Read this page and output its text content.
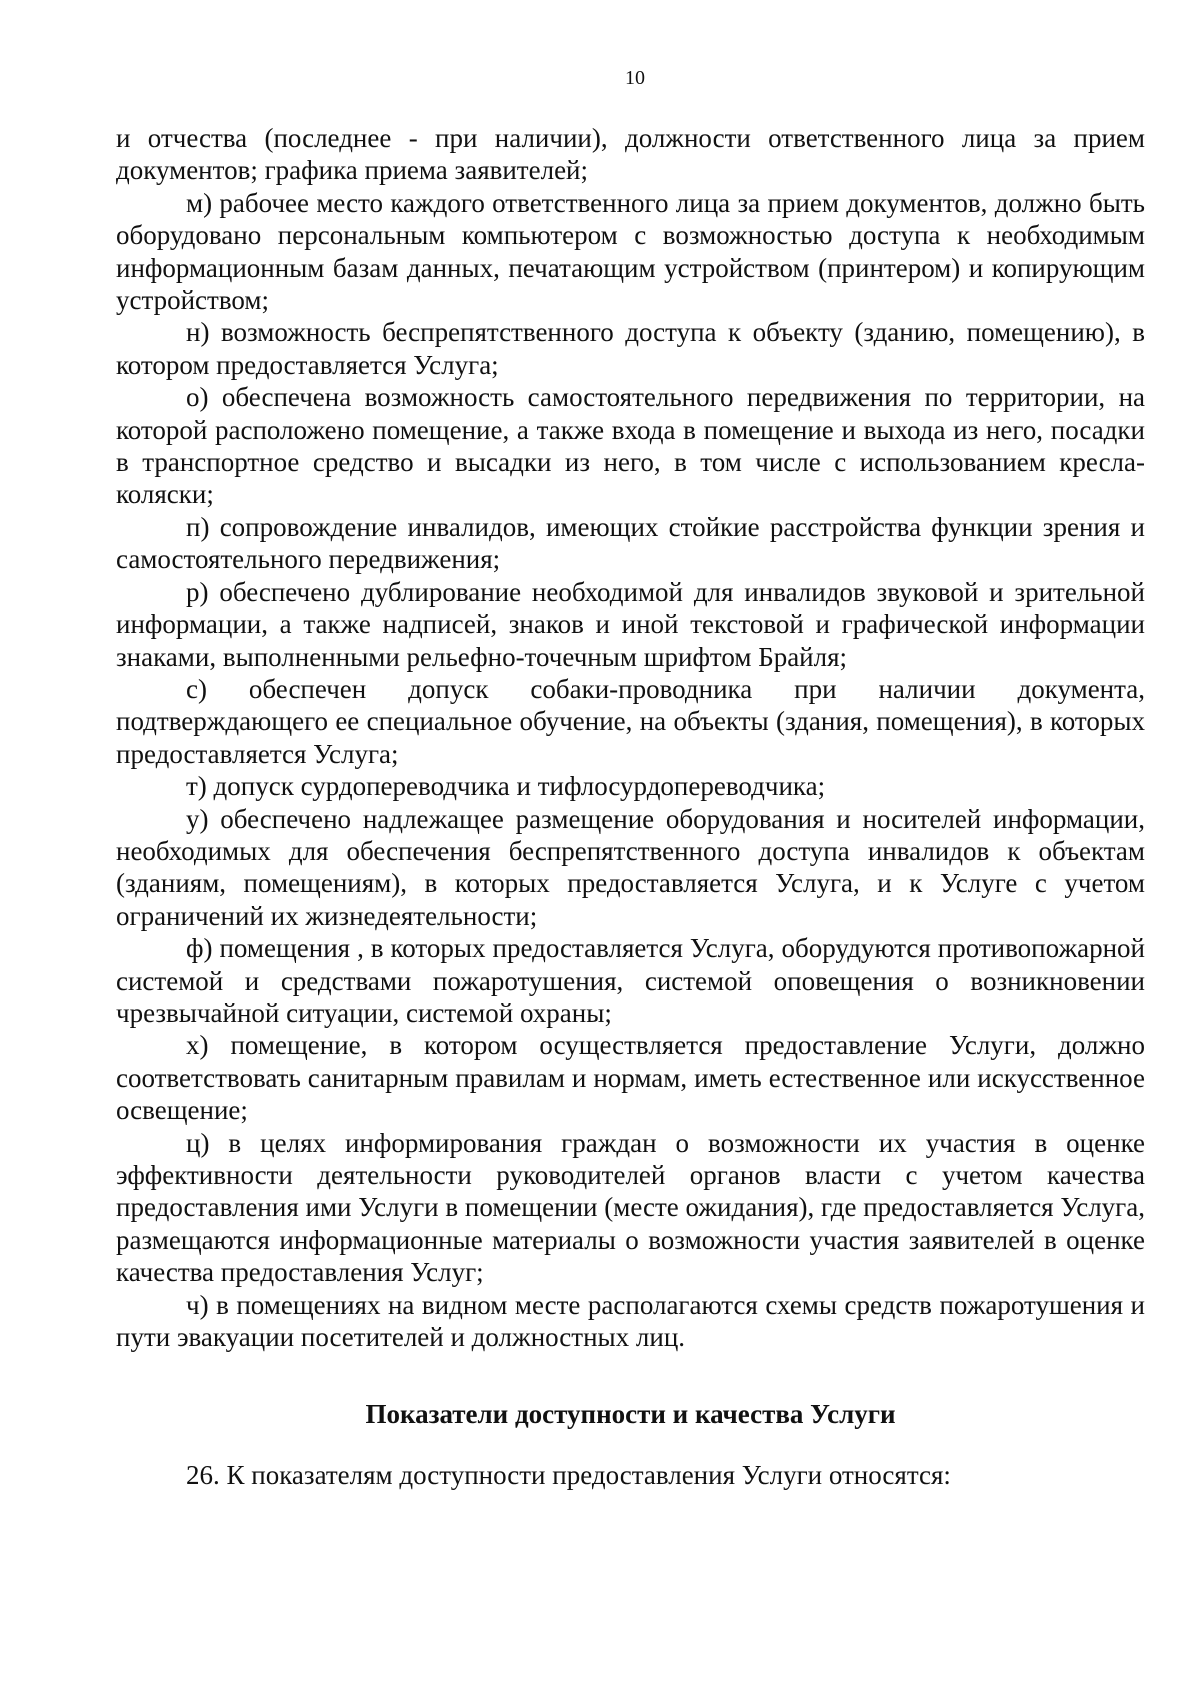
10

и отчества (последнее - при наличии), должности ответственного лица за прием документов; графика приема заявителей;

м) рабочее место каждого ответственного лица за прием документов, должно быть оборудовано персональным компьютером с возможностью доступа к необходимым информационным базам данных, печатающим устройством (принтером) и копирующим устройством;

н) возможность беспрепятственного доступа к объекту (зданию, помещению), в котором предоставляется Услуга;

о) обеспечена возможность самостоятельного передвижения по территории, на которой расположено помещение, а также входа в помещение и выхода из него, посадки в транспортное средство и высадки из него, в том числе с использованием кресла-коляски;

п) сопровождение инвалидов, имеющих стойкие расстройства функции зрения и самостоятельного передвижения;

р) обеспечено дублирование необходимой для инвалидов звуковой и зрительной информации, а также надписей, знаков и иной текстовой и графической информации знаками, выполненными рельефно-точечным шрифтом Брайля;

с) обеспечен допуск собаки-проводника при наличии документа, подтверждающего ее специальное обучение, на объекты (здания, помещения), в которых предоставляется Услуга;

т) допуск сурдопереводчика и тифлосурдопереводчика;

у) обеспечено надлежащее размещение оборудования и носителей информации, необходимых для обеспечения беспрепятственного доступа инвалидов к объектам (зданиям, помещениям), в которых предоставляется Услуга, и к Услуге с учетом ограничений их жизнедеятельности;

ф) помещения , в которых предоставляется Услуга, оборудуются противопожарной системой и средствами пожаротушения, системой оповещения о возникновении чрезвычайной ситуации, системой охраны;

х) помещение, в котором осуществляется предоставление Услуги, должно соответствовать санитарным правилам и нормам, иметь естественное или искусственное освещение;

ц) в целях информирования граждан о возможности их участия в оценке эффективности деятельности руководителей органов власти с учетом качества предоставления ими Услуги в помещении (месте ожидания), где предоставляется Услуга, размещаются информационные материалы о возможности участия заявителей в оценке качества предоставления Услуг;

ч) в помещениях на видном месте располагаются схемы средств пожаротушения и пути эвакуации посетителей и должностных лиц.

Показатели доступности и качества Услуги

26. К показателям доступности предоставления Услуги относятся:
